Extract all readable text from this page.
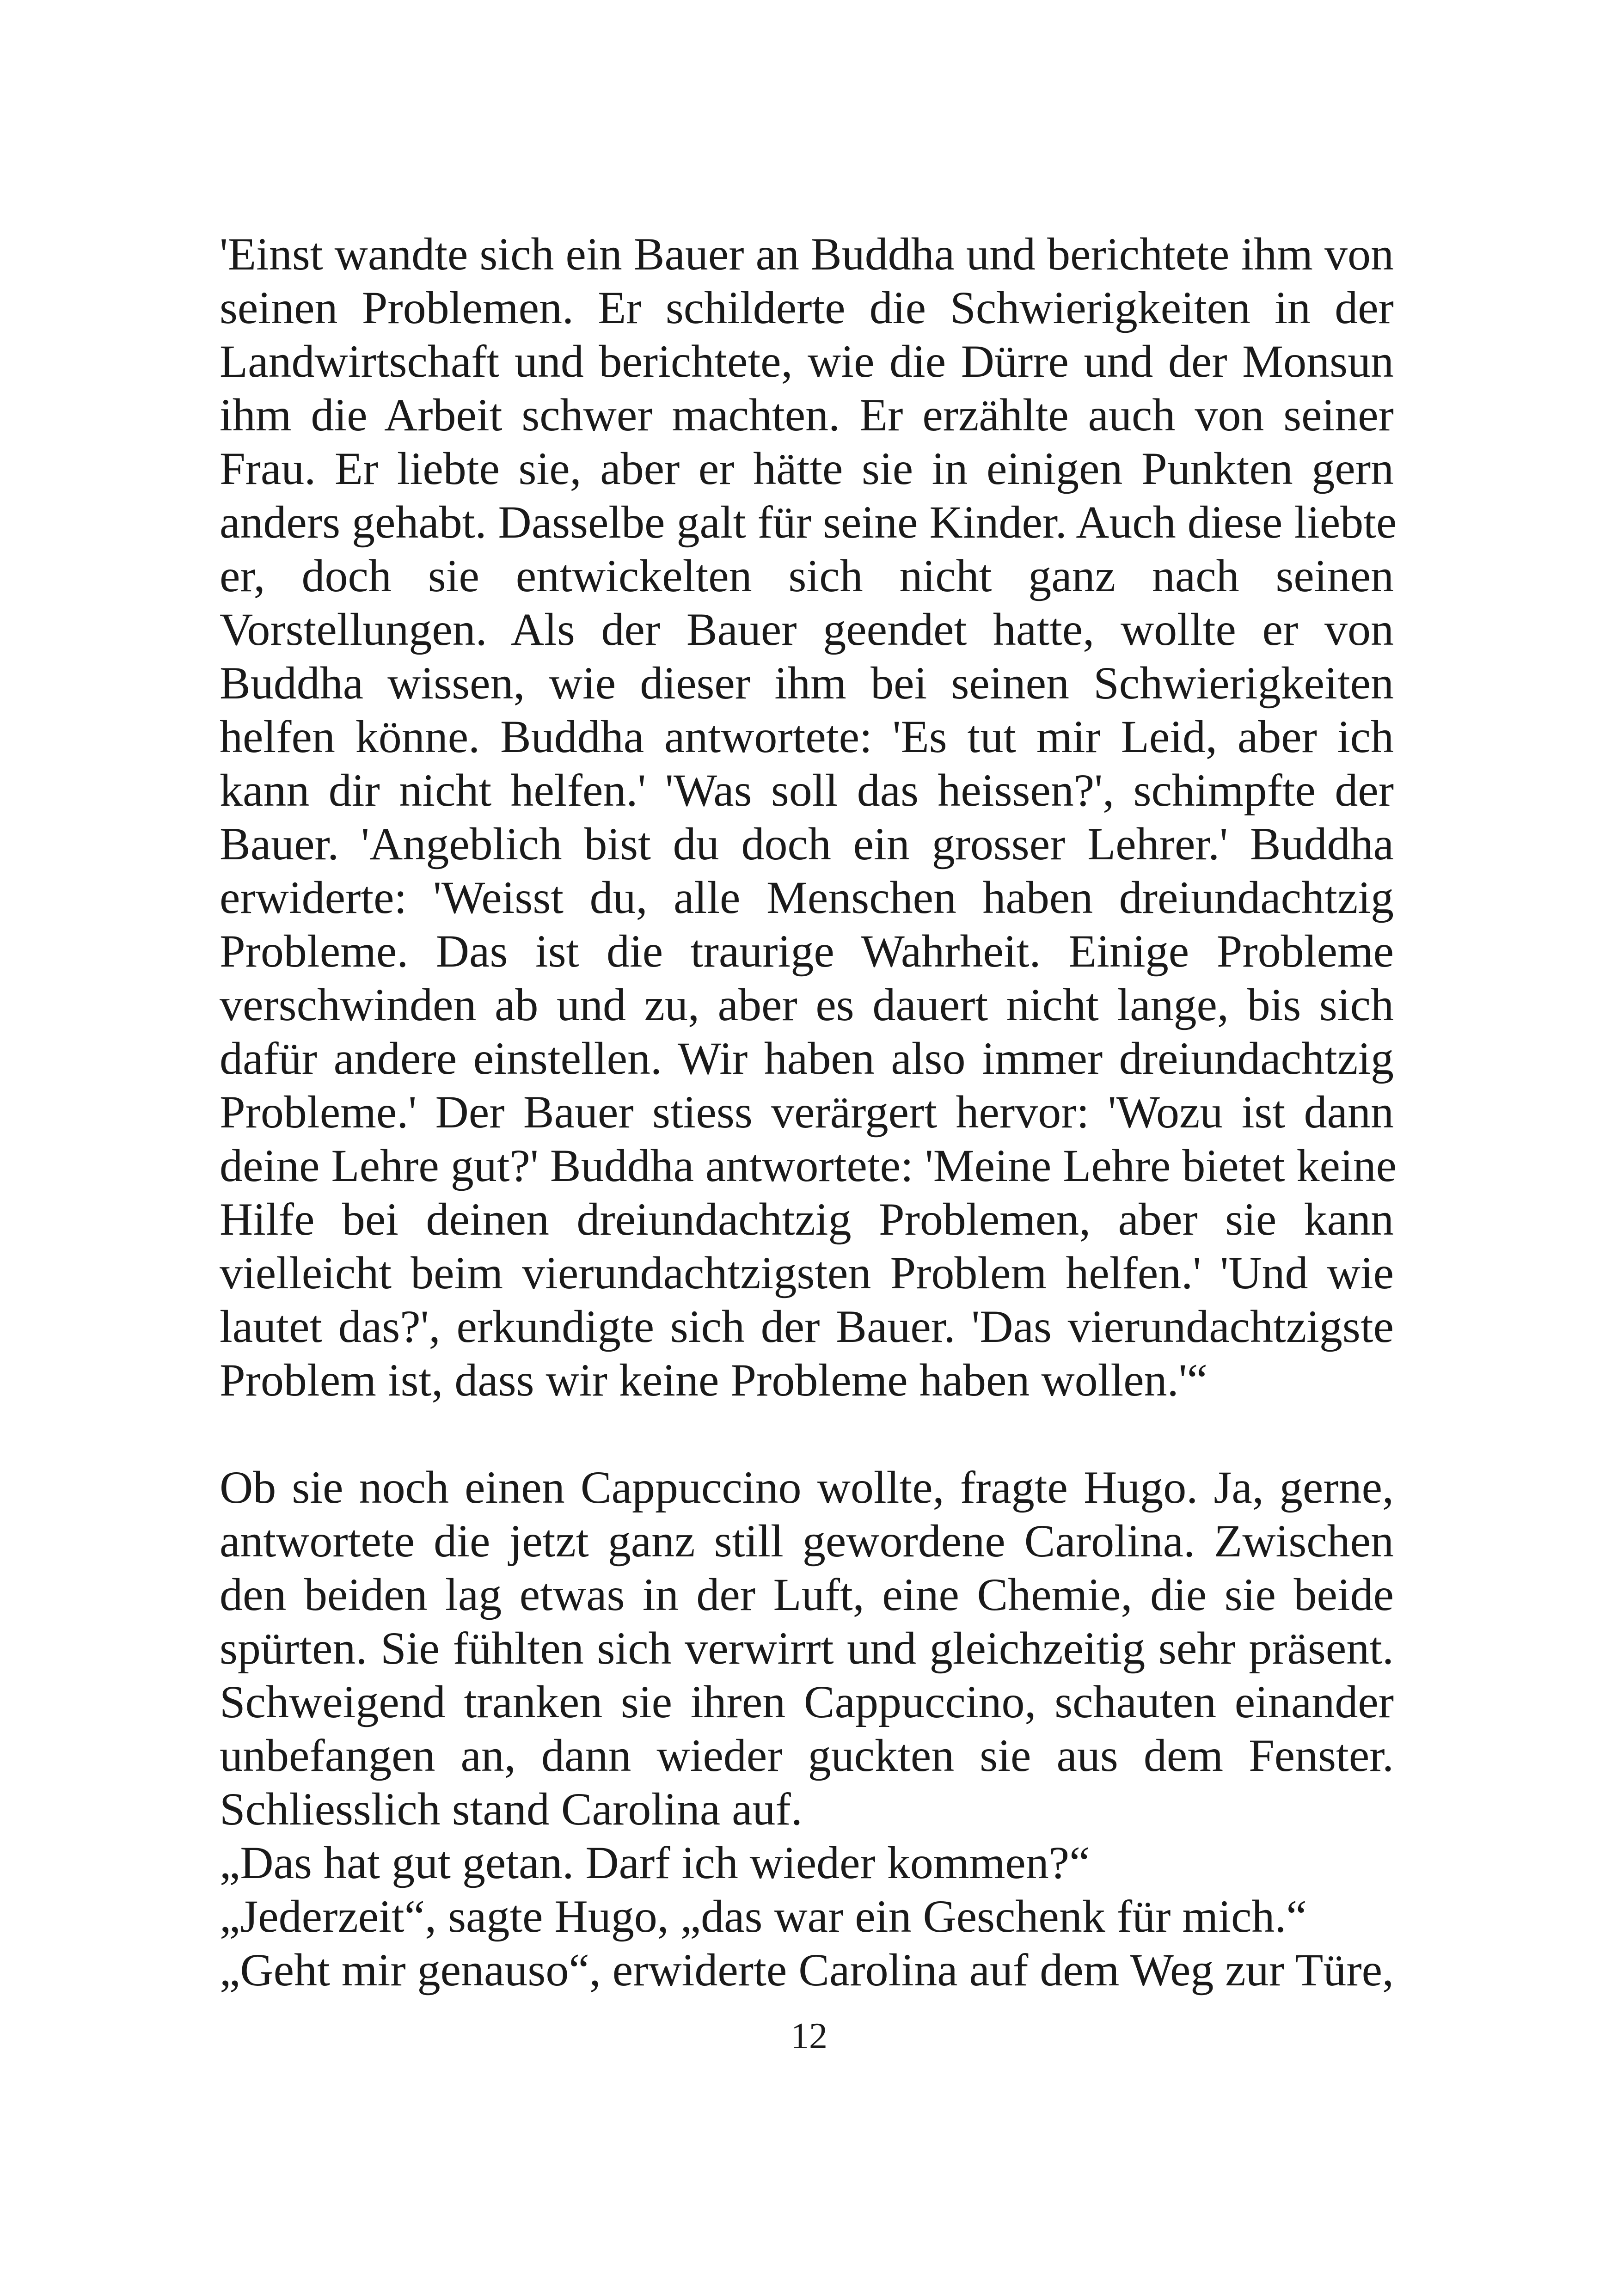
'Einst wandte sich ein Bauer an Buddha und berichtete ihm von
seinen Problemen. Er schilderte die Schwierigkeiten in der
Landwirtschaft und berichtete, wie die Dürre und der Monsun
ihm die Arbeit schwer machten. Er erzählte auch von seiner
Frau. Er liebte sie, aber er hätte sie in einigen Punkten gern
anders gehabt. Dasselbe galt für seine Kinder. Auch diese liebte
er, doch sie entwickelten sich nicht ganz nach seinen
Vorstellungen. Als der Bauer geendet hatte, wollte er von
Buddha wissen, wie dieser ihm bei seinen Schwierigkeiten
helfen könne. Buddha antwortete: 'Es tut mir Leid, aber ich
kann dir nicht helfen.' 'Was soll das heissen?', schimpfte der
Bauer. 'Angeblich bist du doch ein grosser Lehrer.' Buddha
erwiderte: 'Weisst du, alle Menschen haben dreiundachtzig
Probleme. Das ist die traurige Wahrheit. Einige Probleme
verschwinden ab und zu, aber es dauert nicht lange, bis sich
dafür andere einstellen. Wir haben also immer dreiundachtzig
Probleme.' Der Bauer stiess verärgert hervor: 'Wozu ist dann
deine Lehre gut?' Buddha antwortete: 'Meine Lehre bietet keine
Hilfe bei deinen dreiundachtzig Problemen, aber sie kann
vielleicht beim vierundachtzigsten Problem helfen.' 'Und wie
lautet das?', erkundigte sich der Bauer. 'Das vierundachtzigste
Problem ist, dass wir keine Probleme haben wollen.'“
Ob sie noch einen Cappuccino wollte, fragte Hugo. Ja, gerne,
antwortete die jetzt ganz still gewordene Carolina. Zwischen
den beiden lag etwas in der Luft, eine Chemie, die sie beide
spürten. Sie fühlten sich verwirrt und gleichzeitig sehr präsent.
Schweigend tranken sie ihren Cappuccino, schauten einander
unbefangen an, dann wieder guckten sie aus dem Fenster.
Schliesslich stand Carolina auf.
„Das hat gut getan. Darf ich wieder kommen?“
„Jederzeit“, sagte Hugo, „das war ein Geschenk für mich.“
„Geht mir genauso“, erwiderte Carolina auf dem Weg zur Türe,
12
